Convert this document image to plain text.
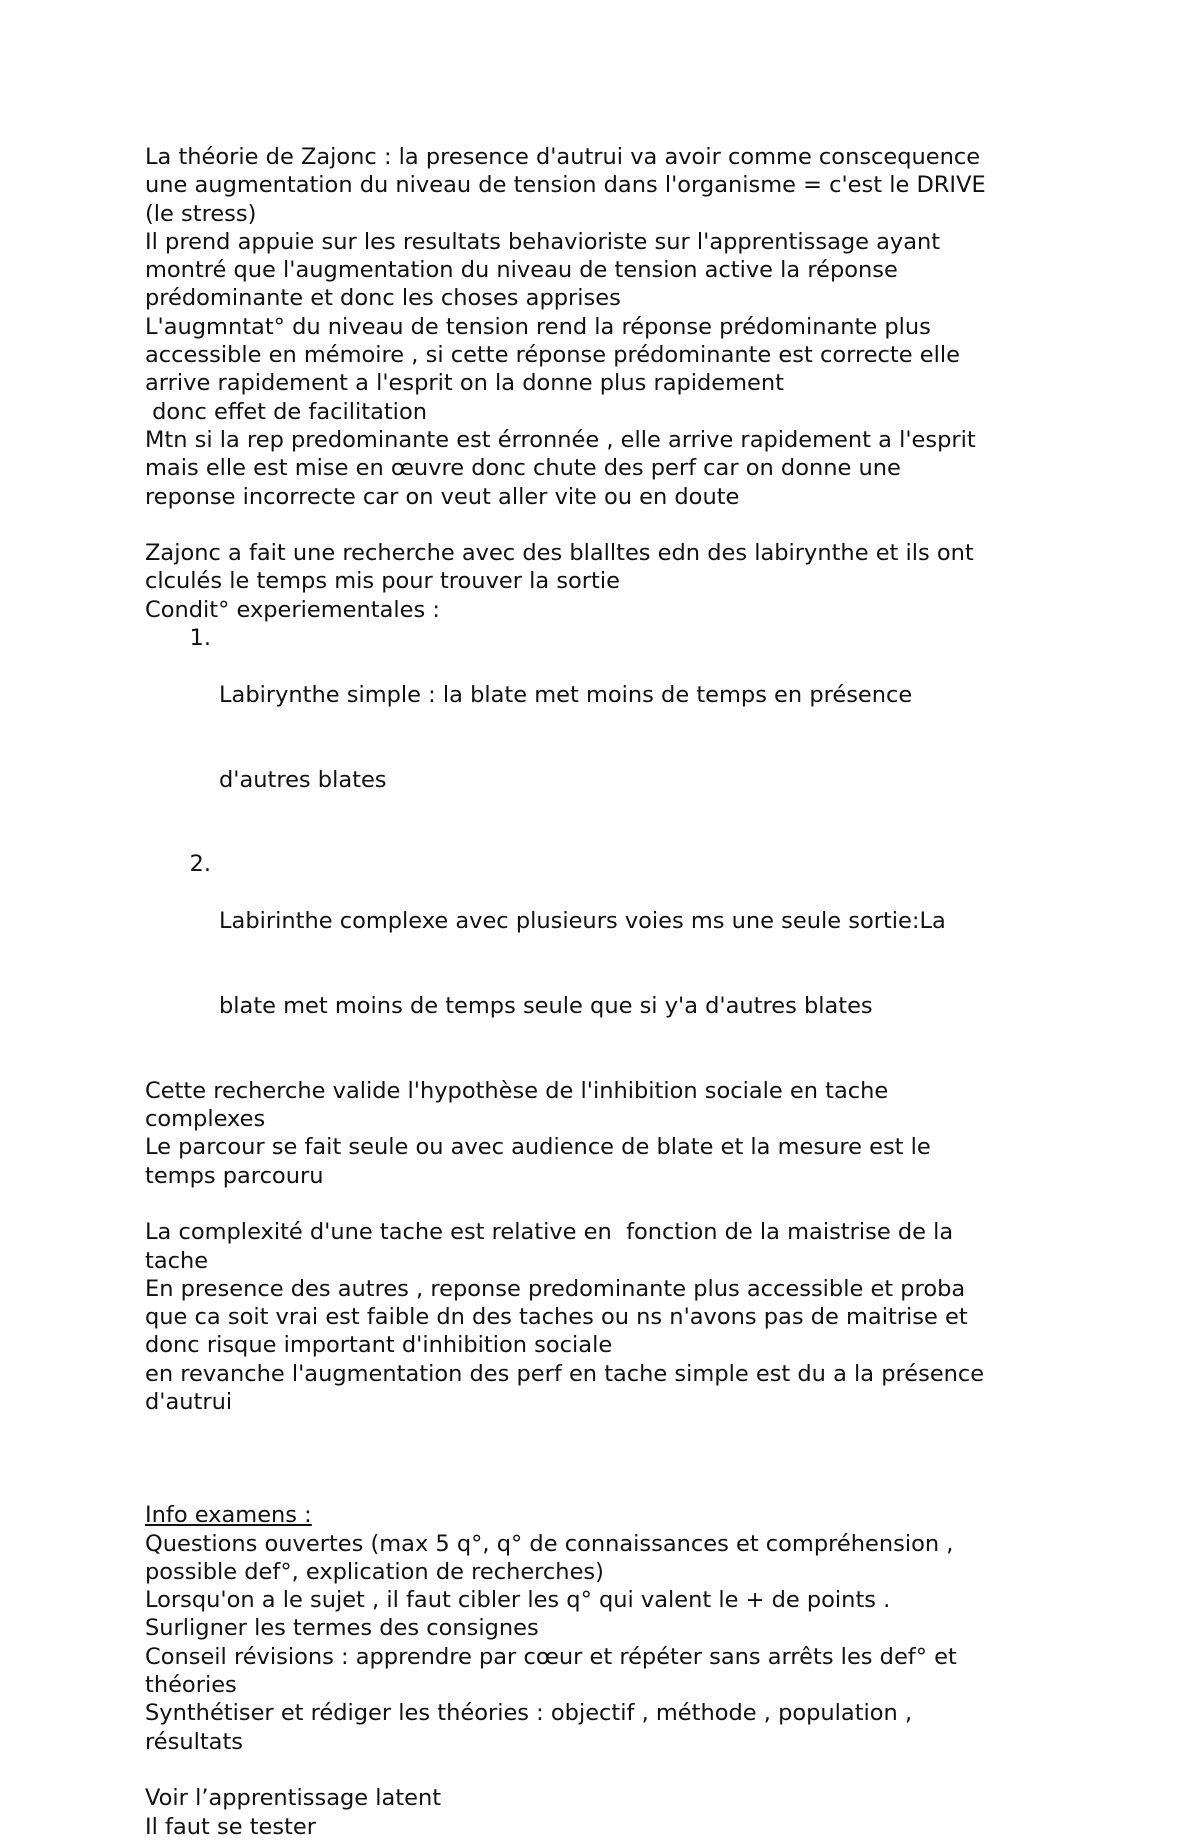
La théorie de Zajonc : la presence d'autrui va avoir comme conscequence
une augmentation du niveau de tension dans l'organisme = c'est le DRIVE
(le stress)
Il prend appuie sur les resultats behavioriste sur l'apprentissage ayant
montré que l'augmentation du niveau de tension active la réponse
prédominante et donc les choses apprises
L'augmntat° du niveau de tension rend la réponse prédominante plus
accessible en mémoire , si cette réponse prédominante est correcte elle
arrive rapidement a l'esprit on la donne plus rapidement
donc effet de facilitation
Mtn si la rep predominante est érronnée , elle arrive rapidement a l'esprit
mais elle est mise en œuvre donc chute des perf car on donne une
reponse incorrecte car on veut aller vite ou en doute
Zajonc a fait une recherche avec des blalltes edn des labirynthe et ils ont
clculés le temps mis pour trouver la sortie
Condit° experiementales :
1.

Labirynthe simple : la blate met moins de temps en présence

d'autres blates

2.

Labirinthe complexe avec plusieurs voies ms une seule sortie:La

blate met moins de temps seule que si y'a d'autres blates

Cette recherche valide l'hypothèse de l'inhibition sociale en tache
complexes
Le parcour se fait seule ou avec audience de blate et la mesure est le
temps parcouru
La complexité d'une tache est relative en  fonction de la maistrise de la
tache
En presence des autres , reponse predominante plus accessible et proba
que ca soit vrai est faible dn des taches ou ns n'avons pas de maitrise et
donc risque important d'inhibition sociale
en revanche l'augmentation des perf en tache simple est du a la présence
d'autrui
Info examens :
Questions ouvertes (max 5 q°, q° de connaissances et compréhension ,
possible def°, explication de recherches)
Lorsqu'on a le sujet , il faut cibler les q° qui valent le + de points .
Surligner les termes des consignes
Conseil révisions : apprendre par cœur et répéter sans arrêts les def° et
théories
Synthétiser et rédiger les théories : objectif , méthode , population ,
résultats
Voir l’apprentissage latent
Il faut se tester
